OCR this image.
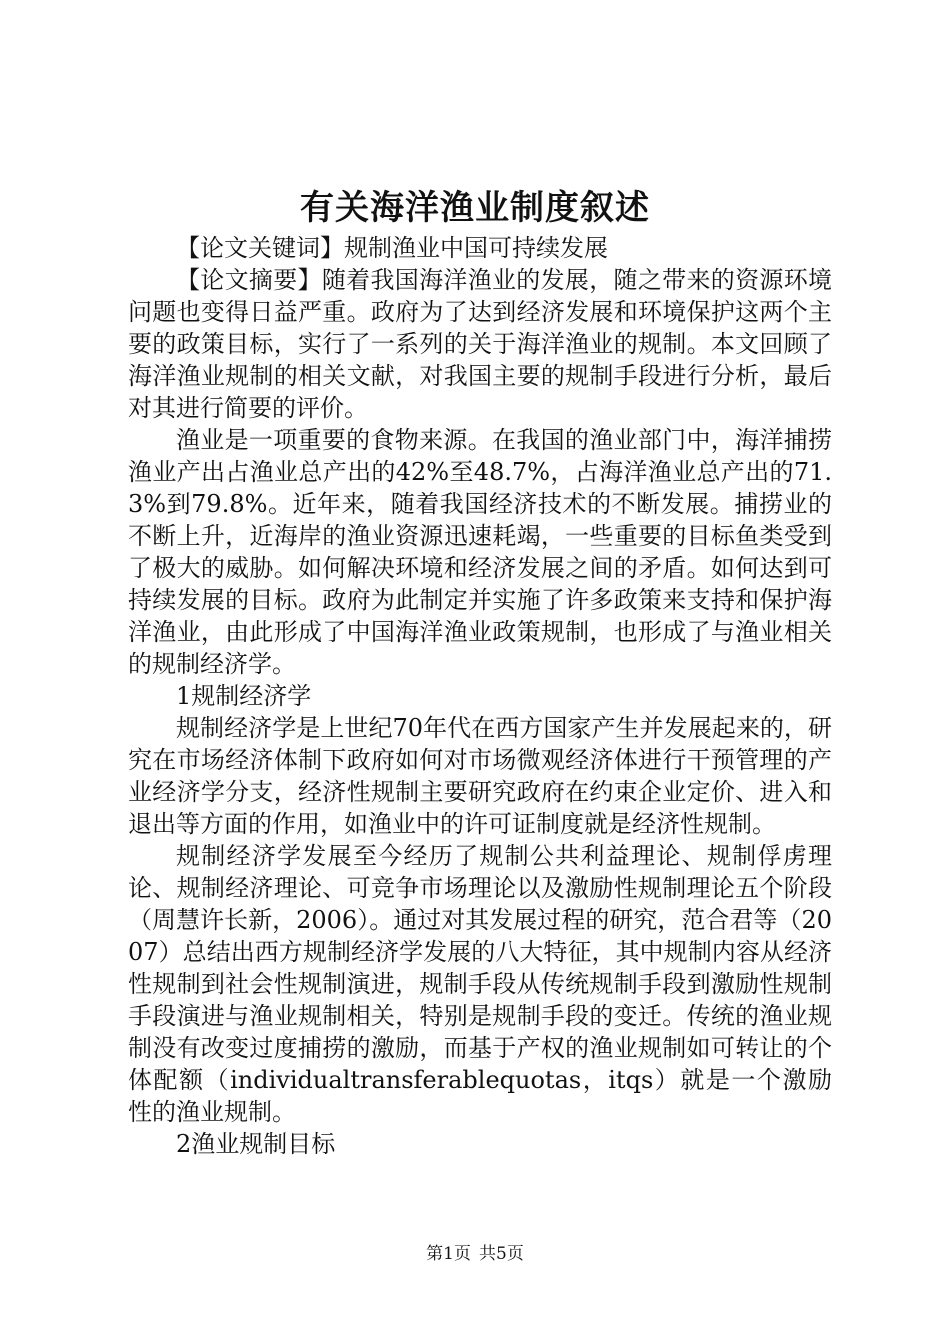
有关海洋渔业制度叙述

【论文关键词】规制渔业中国可持续发展

【论文摘要】随着我国海洋渔业的发展，随之带来的资源环境问题也变得日益严重。政府为了达到经济发展和环境保护这两个主要的政策目标，实行了一系列的关于海洋渔业的规制。本文回顾了海洋渔业规制的相关文献，对我国主要的规制手段进行分析，最后对其进行简要的评价。

渔业是一项重要的食物来源。在我国的渔业部门中，海洋捕捞渔业产出占渔业总产出的42%至48.7%，占海洋渔业总产出的71.3%到79.8%。近年来，随着我国经济技术的不断发展。捕捞业的不断上升，近海岸的渔业资源迅速耗竭，一些重要的目标鱼类受到了极大的威胁。如何解决环境和经济发展之间的矛盾。如何达到可持续发展的目标。政府为此制定并实施了许多政策来支持和保护海洋渔业，由此形成了中国海洋渔业政策规制，也形成了与渔业相关的规制经济学。

1规制经济学

规制经济学是上世纪70年代在西方国家产生并发展起来的，研究在市场经济体制下政府如何对市场微观经济体进行干预管理的产业经济学分支，经济性规制主要研究政府在约束企业定价、进入和退出等方面的作用，如渔业中的许可证制度就是经济性规制。

规制经济学发展至今经历了规制公共利益理论、规制俘虏理论、规制经济理论、可竞争市场理论以及激励性规制理论五个阶段（周慧许长新，2006）。通过对其发展过程的研究，范合君等（2007）总结出西方规制经济学发展的八大特征，其中规制内容从经济性规制到社会性规制演进，规制手段从传统规制手段到激励性规制手段演进与渔业规制相关，特别是规制手段的变迁。传统的渔业规制没有改变过度捕捞的激励，而基于产权的渔业规制如可转让的个体配额（individualtransferablequotas，itqs）就是一个激励性的渔业规制。

2渔业规制目标

第1页 共5页
